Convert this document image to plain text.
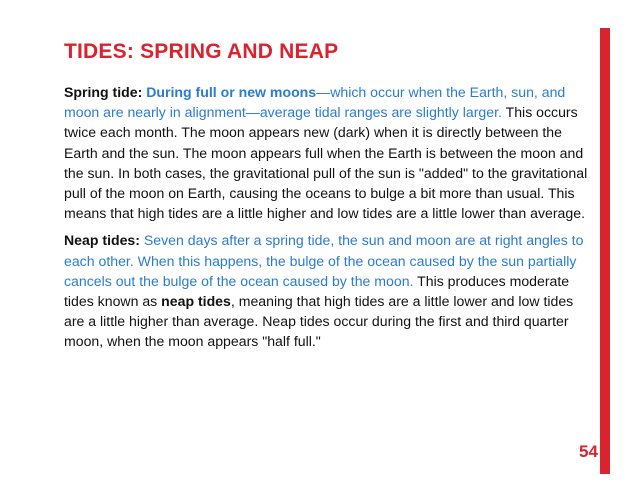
TIDES: SPRING AND NEAP

Spring tide: During full or new moons—which occur when the Earth, sun, and moon are nearly in alignment—average tidal ranges are slightly larger. This occurs twice each month. The moon appears new (dark) when it is directly between the Earth and the sun. The moon appears full when the Earth is between the moon and the sun. In both cases, the gravitational pull of the sun is "added" to the gravitational pull of the moon on Earth, causing the oceans to bulge a bit more than usual. This means that high tides are a little higher and low tides are a little lower than average.

Neap tides: Seven days after a spring tide, the sun and moon are at right angles to each other. When this happens, the bulge of the ocean caused by the sun partially cancels out the bulge of the ocean caused by the moon. This produces moderate tides known as neap tides, meaning that high tides are a little lower and low tides are a little higher than average. Neap tides occur during the first and third quarter moon, when the moon appears "half full."

54
